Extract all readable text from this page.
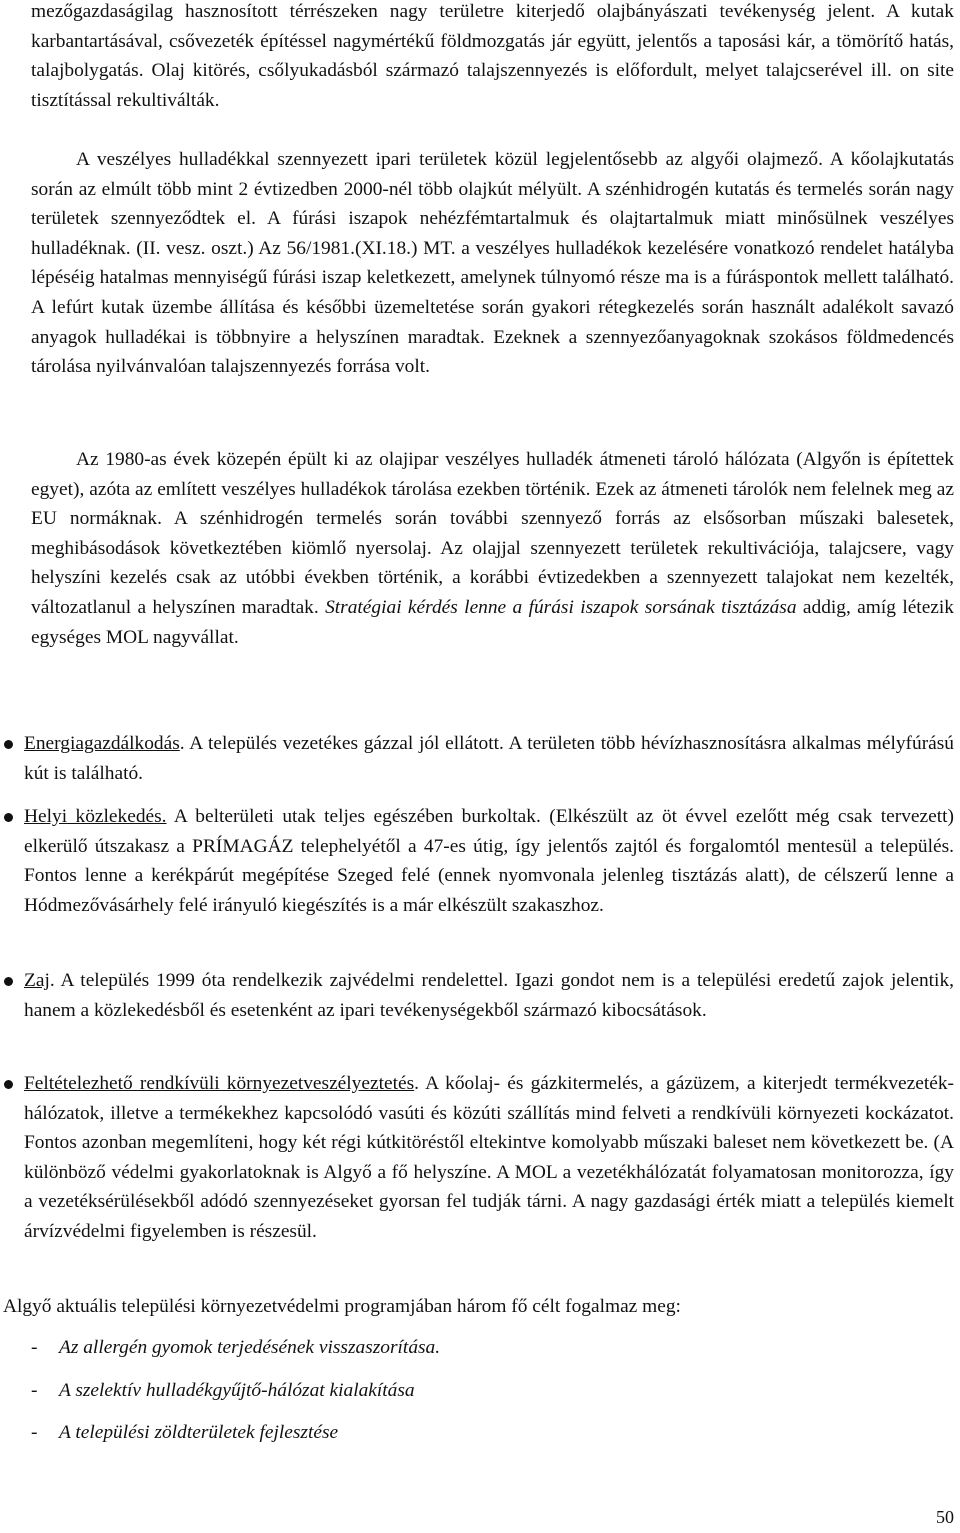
mezőgazdaságilag hasznosított térrészeken nagy területre kiterjedő olajbányászati tevékenység jelent. A kutak karbantartásával, csővezeték építéssel nagymértékű földmozgatás jár együtt, jelentős a taposási kár, a tömörítő hatás, talajbolygatás. Olaj kitörés, csőlyukadásból származó talajszennyezés is előfordult, melyet talajcserével ill. on site tisztítással rekultiválták.

A veszélyes hulladékkal szennyezett ipari területek közül legjelentősebb az algyői olajmező. A kőolajkutatás során az elmúlt több mint 2 évtizedben 2000-nél több olajkút mélyült. A szénhidrogén kutatás és termelés során nagy területek szennyeződtek el. A fúrási iszapok nehézfémtartalmuk és olajtartalmuk miatt minősülnek veszélyes hulladéknak. (II. vesz. oszt.) Az 56/1981.(XI.18.) MT. a veszélyes hulladékok kezelésére vonatkozó rendelet hatályba lépéséig hatalmas mennyiségű fúrási iszap keletkezett, amelynek túlnyomó része ma is a fúráspontok mellett található. A lefúrt kutak üzembe állítása és későbbi üzemeltetése során gyakori rétegkezelés során használt adalékolt savazó anyagok hulladékai is többnyire a helyszínen maradtak. Ezeknek a szennyezőanyagoknak szokásos földmedencés tárolása nyilvánvalóan talajszennyezés forrása volt.

Az 1980-as évek közepén épült ki az olajipar veszélyes hulladék átmeneti tároló hálózata (Algyőn is építettek egyet), azóta az említett veszélyes hulladékok tárolása ezekben történik. Ezek az átmeneti tárolók nem felelnek meg az EU normáknak. A szénhidrogén termelés során további szennyező forrás az elsősorban műszaki balesetek, meghibásodások következtében kiömlő nyersolaj. Az olajjal szennyezett területek rekultivációja, talajcsere, vagy helyszíni kezelés csak az utóbbi években történik, a korábbi évtizedekben a szennyezett talajokat nem kezelték, változatlanul a helyszínen maradtak. Stratégiai kérdés lenne a fúrási iszapok sorsának tisztázása addig, amíg létezik egységes MOL nagyvállat.

Energiagazdálkodás. A település vezetékes gázzal jól ellátott. A területen több hévízhasznosításra alkalmas mélyfúrású kút is található.

Helyi közlekedés. A belterületi utak teljes egészében burkoltak. (Elkészült az öt évvel ezelőtt még csak tervezett) elkerülő útszakasz a PRÍMAGÁZ telephelyétől a 47-es útig, így jelentős zajtól és forgalomtól mentesül a település. Fontos lenne a kerékpárút megépítése Szeged felé (ennek nyomvonala jelenleg tisztázás alatt), de célszerű lenne a Hódmezővásárhely felé irányuló kiegészítés is a már elkészült szakaszhoz.

Zaj. A település 1999 óta rendelkezik zajvédelmi rendelettel. Igazi gondot nem is a települési eredetű zajok jelentik, hanem a közlekedésből és esetenként az ipari tevékenységekből származó kibocsátások.

Feltételezhető rendkívüli környezetveszélyeztetés. A kőolaj- és gázkitermelés, a gázüzem, a kiterjedt termékvezeték-hálózatok, illetve a termékekhez kapcsolódó vasúti és közúti szállítás mind felveti a rendkívüli környezeti kockázatot. Fontos azonban megemlíteni, hogy két régi kútkitöréstől eltekintve komolyabb műszaki baleset nem következett be. (A különböző védelmi gyakorlatoknak is Algyő a fő helyszíne. A MOL a vezetékhálózatát folyamatosan monitorozza, így a vezetéksérülésekből adódó szennyezéseket gyorsan fel tudják tárni. A nagy gazdasági érték miatt a település kiemelt árvízvédelmi figyelemben is részesül.

Algyő aktuális települési környezetvédelmi programjában három fő célt fogalmaz meg:

- Az allergén gyomok terjedésének visszaszorítása.
- A szelektív hulladékgyűjtő-hálózat kialakítása
- A települési zöldterületek fejlesztése
50
